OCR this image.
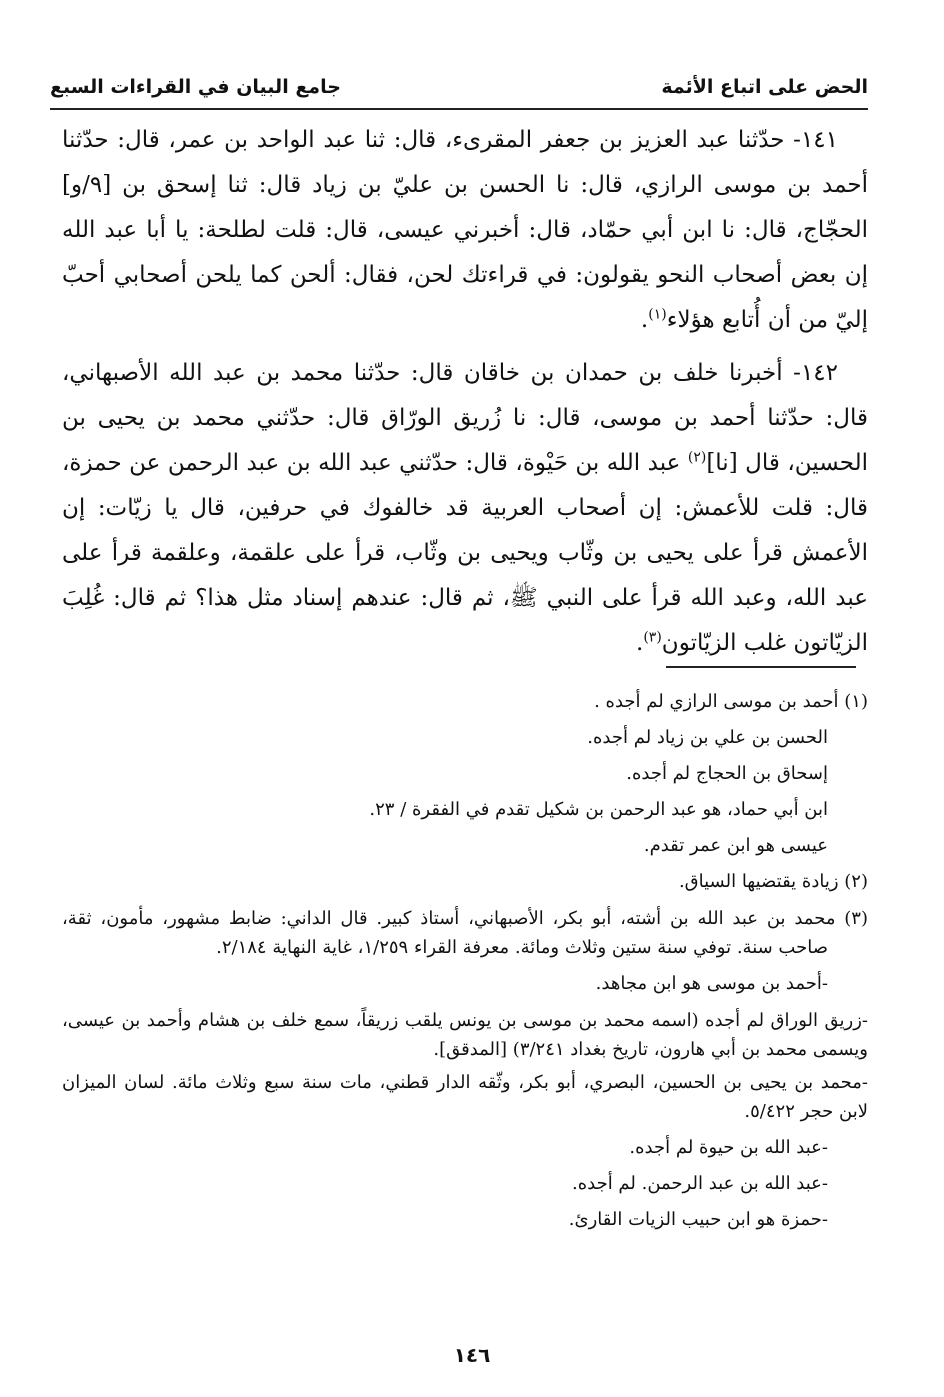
الحض على اتباع الأئمة
جامع البيان في القراءات السبع

١٤١- حدّثنا عبد العزيز بن جعفر المقرىء، قال: ثنا عبد الواحد بن عمر، قال: حدّثنا أحمد بن موسى الرازي، قال: نا الحسن بن عليّ بن زياد قال: ثنا إسحق بن [٩/و] الحجّاج، قال: نا ابن أبي حمّاد، قال: أخبرني عيسى، قال: قلت لطلحة: يا أبا عبد الله إن بعض أصحاب النحو يقولون: في قراءتك لحن، فقال: ألحن كما يلحن أصحابي أحبّ إليّ من أن أُتابع هؤلاء$^{(١)}$.

١٤٢- أخبرنا خلف بن حمدان بن خاقان قال: حدّثنا محمد بن عبد الله الأصبهاني، قال: حدّثنا أحمد بن موسى، قال: نا زُريق الورّاق قال: حدّثني محمد بن يحيى بن الحسين، قال [نا]$^{(٢)}$ عبد الله بن حَيْوة، قال: حدّثني عبد الله بن عبد الرحمن عن حمزة، قال: قلت للأعمش: إن أصحاب العربية قد خالفوك في حرفين، قال يا زيّات: إن الأعمش قرأ على يحيى بن وثّاب ويحيى بن وثّاب، قرأ على علقمة، وعلقمة قرأ على عبد الله، وعبد الله قرأ على النبي ﷺ، ثم قال: عندهم إسناد مثل هذا؟ ثم قال: غُلِبَ الزيّاتون غلب الزيّاتون$^{(٣)}$.

(١) أحمد بن موسى الرازي لم أجده .

الحسن بن علي بن زياد لم أجده.

إسحاق بن الحجاج لم أجده.

ابن أبي حماد، هو عبد الرحمن بن شكيل تقدم في الفقرة / ٢٣.

عيسى هو ابن عمر تقدم.

(٢) زيادة يقتضيها السياق.

(٣) محمد بن عبد الله بن أشته، أبو بكر، الأصبهاني، أستاذ كبير. قال الداني: ضابط مشهور، مأمون، ثقة، صاحب سنة. توفي سنة ستين وثلاث ومائة. معرفة القراء ١/٢٥٩، غاية النهاية ٢/١٨٤.

-أحمد بن موسى هو ابن مجاهد.

-زريق الوراق لم أجده (اسمه محمد بن موسى بن يونس يلقب زريقاً، سمع خلف بن هشام وأحمد بن عيسى، ويسمى محمد بن أبي هارون، تاريخ بغداد ٣/٢٤١) [المدقق].

-محمد بن يحيى بن الحسين، البصري، أبو بكر، وثّقه الدار قطني، مات سنة سبع وثلاث مائة. لسان الميزان لابن حجر ٥/٤٢٢.

-عبد الله بن حيوة لم أجده.

-عبد الله بن عبد الرحمن. لم أجده.

-حمزة هو ابن حبيب الزيات القارئ.

١٤٦
